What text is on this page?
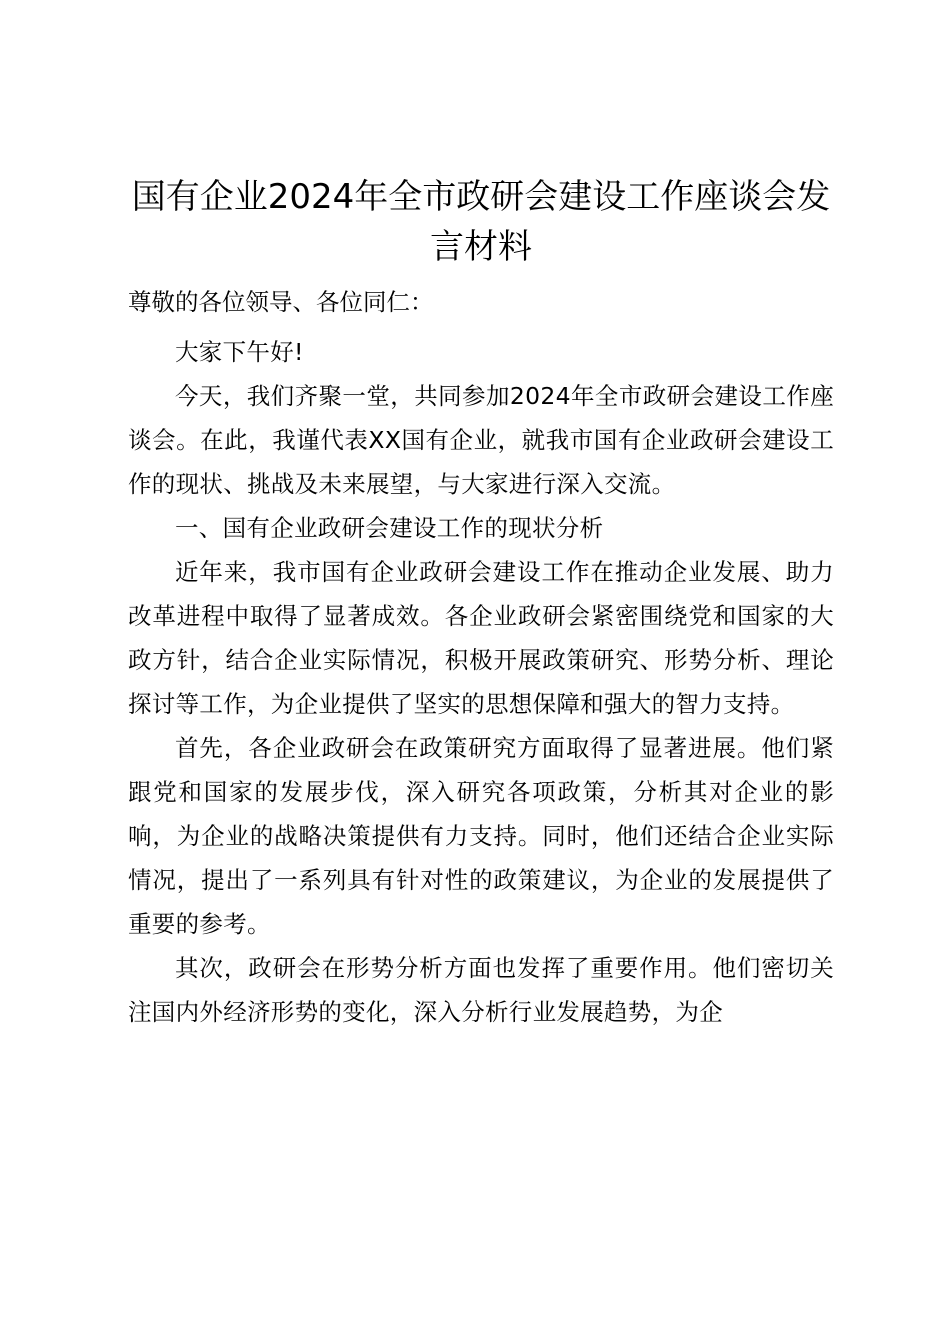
国有企业2024年全市政研会建设工作座谈会发言材料

尊敬的各位领导、各位同仁：

大家下午好!

今天，我们齐聚一堂，共同参加2024年全市政研会建设工作座谈会。在此，我谨代表XX国有企业，就我市国有企业政研会建设工作的现状、挑战及未来展望，与大家进行深入交流。

一、国有企业政研会建设工作的现状分析

近年来，我市国有企业政研会建设工作在推动企业发展、助力改革进程中取得了显著成效。各企业政研会紧密围绕党和国家的大政方针，结合企业实际情况，积极开展政策研究、形势分析、理论探讨等工作，为企业提供了坚实的思想保障和强大的智力支持。

首先，各企业政研会在政策研究方面取得了显著进展。他们紧跟党和国家的发展步伐，深入研究各项政策，分析其对企业的影响，为企业的战略决策提供有力支持。同时，他们还结合企业实际情况，提出了一系列具有针对性的政策建议，为企业的发展提供了重要的参考。

其次，政研会在形势分析方面也发挥了重要作用。他们密切关注国内外经济形势的变化，深入分析行业发展趋势，为企
